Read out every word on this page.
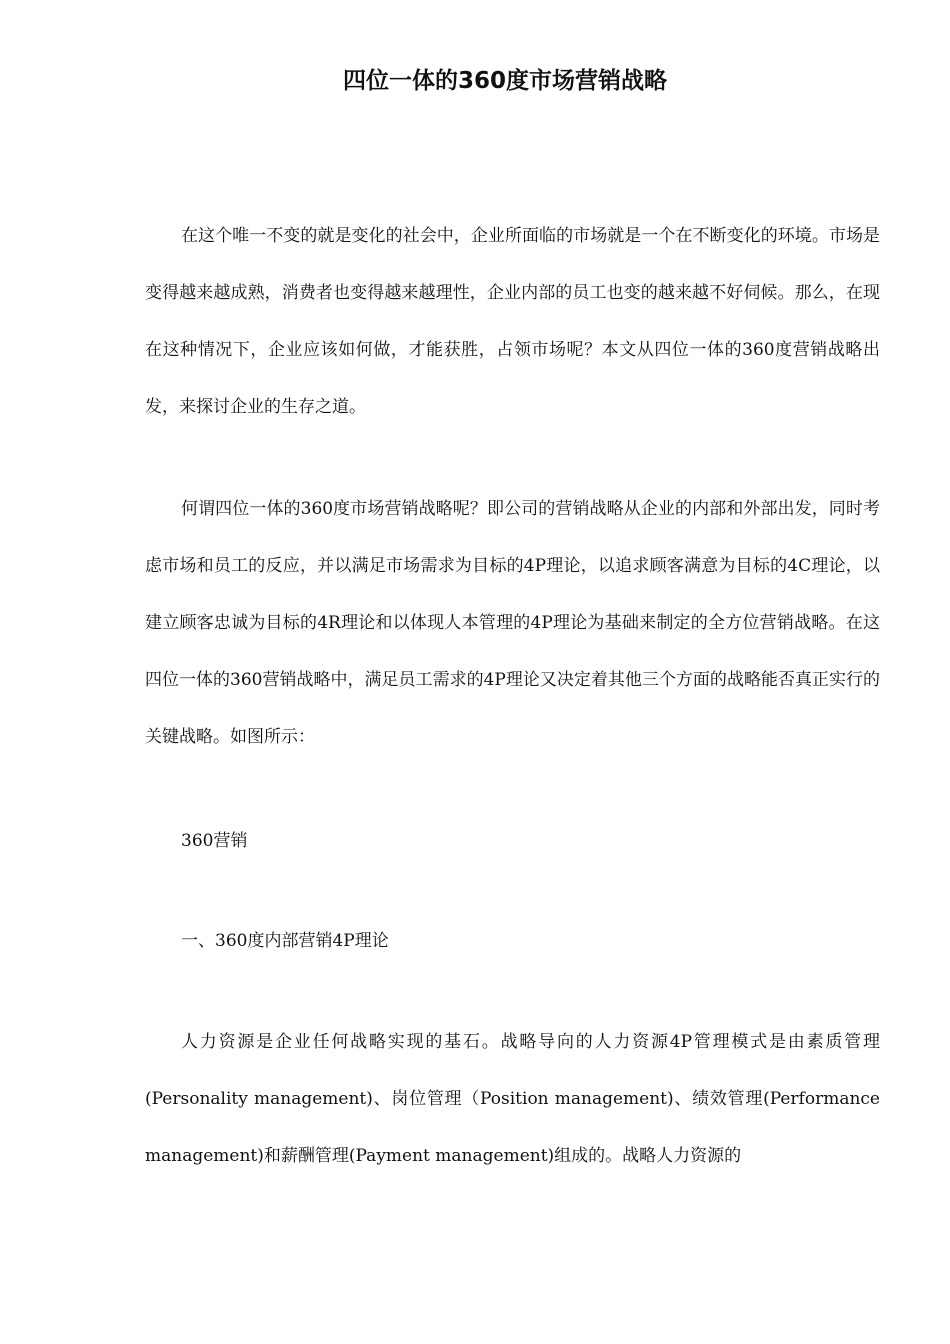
四位一体的360度市场营销战略

在这个唯一不变的就是变化的社会中，企业所面临的市场就是一个在不断变化的环境。市场是变得越来越成熟，消费者也变得越来越理性，企业内部的员工也变的越来越不好伺候。那么，在现在这种情况下，企业应该如何做，才能获胜，占领市场呢？本文从四位一体的360度营销战略出发，来探讨企业的生存之道。

何谓四位一体的360度市场营销战略呢？即公司的营销战略从企业的内部和外部出发，同时考虑市场和员工的反应，并以满足市场需求为目标的4P理论，以追求顾客满意为目标的4C理论，以建立顾客忠诚为目标的4R理论和以体现人本管理的4P理论为基础来制定的全方位营销战略。在这四位一体的360营销战略中，满足员工需求的4P理论又决定着其他三个方面的战略能否真正实行的关键战略。如图所示：

360营销
一、360度内部营销4P理论

人力资源是企业任何战略实现的基石。战略导向的人力资源4P管理模式是由素质管理(Personality management)、岗位管理（Position management)、绩效管理(Performance management)和薪酬管理(Payment management)组成的。战略人力资源的
